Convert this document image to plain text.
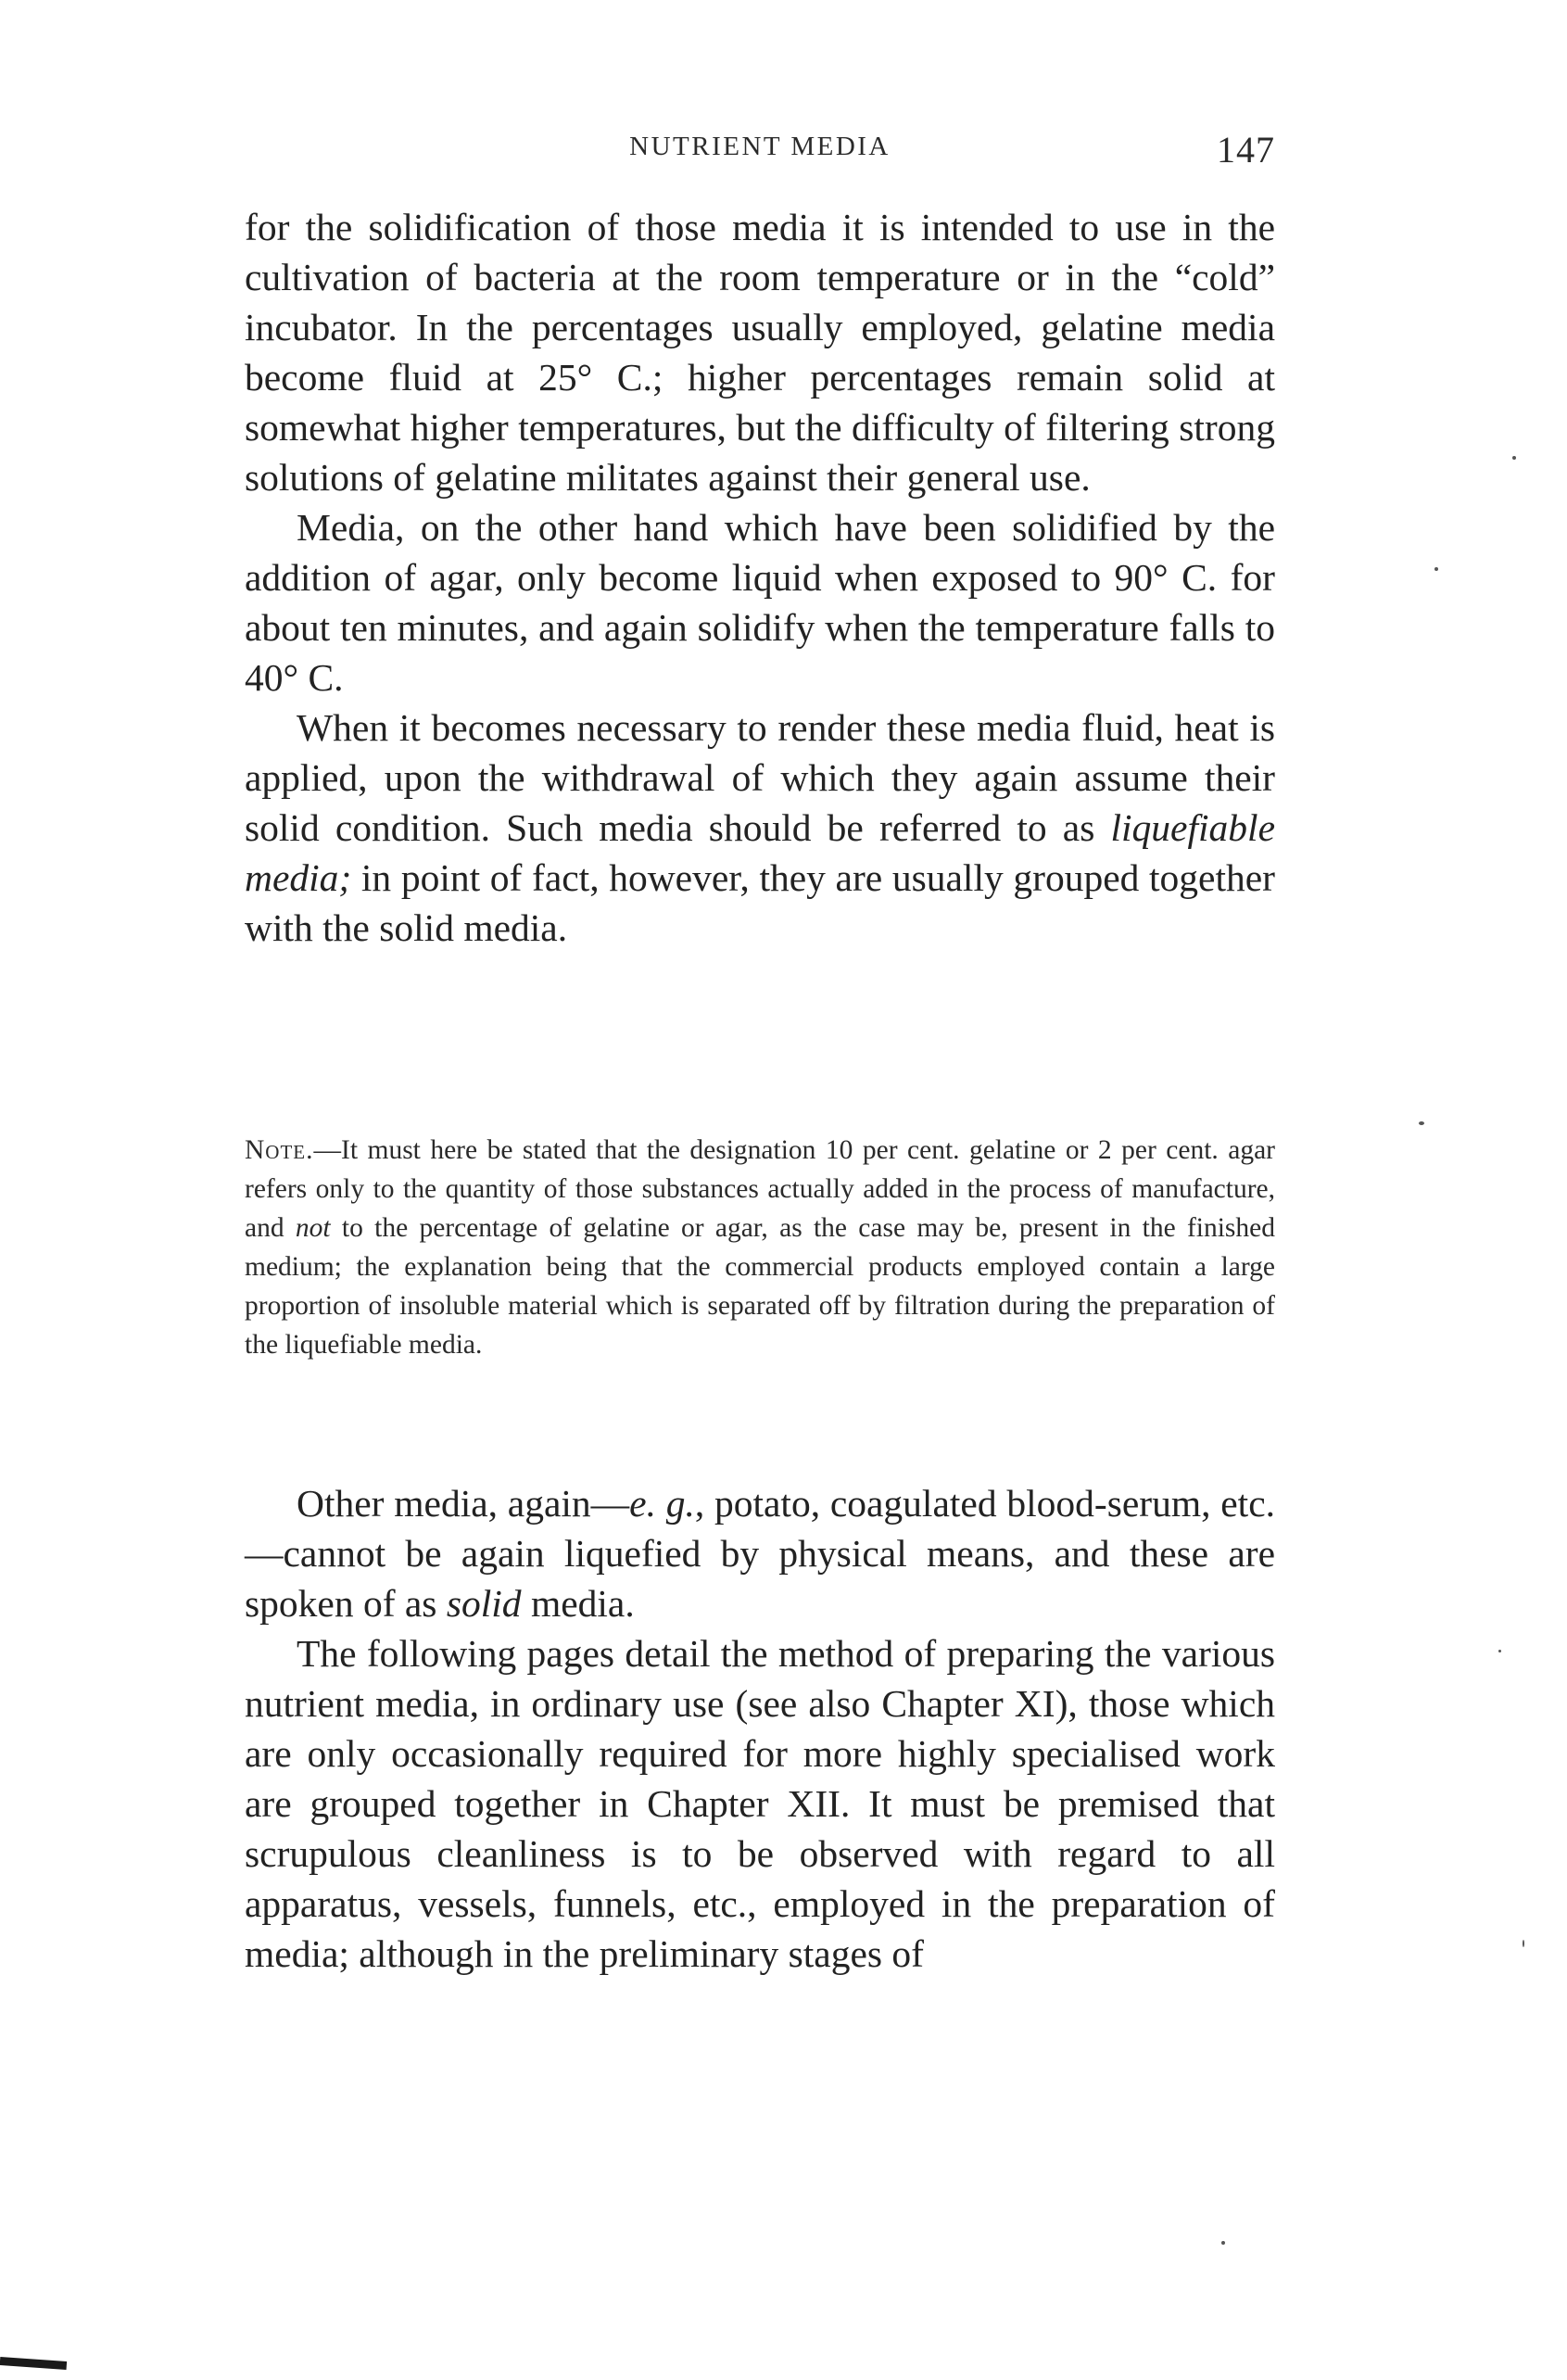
NUTRIENT MEDIA	147

for the solidification of those media it is intended to use in the cultivation of bacteria at the room temperature or in the “cold” incubator. In the percentages usually employed, gelatine media become fluid at 25° C.; higher percentages remain solid at somewhat higher temperatures, but the difficulty of filtering strong solutions of gelatine militates against their general use.

Media, on the other hand which have been solidified by the addition of agar, only become liquid when exposed to 90° C. for about ten minutes, and again solidify when the temperature falls to 40° C.

When it becomes necessary to render these media fluid, heat is applied, upon the withdrawal of which they again assume their solid condition. Such media should be referred to as liquefiable media; in point of fact, however, they are usually grouped together with the solid media.

Note.—It must here be stated that the designation 10 per cent. gelatine or 2 per cent. agar refers only to the quantity of those substances actually added in the process of manufacture, and not to the percentage of gelatine or agar, as the case may be, present in the finished medium; the explanation being that the commercial products employed contain a large proportion of insoluble material which is separated off by filtration during the preparation of the liquefiable media.

Other media, again—e. g., potato, coagulated blood-serum, etc.—cannot be again liquefied by physical means, and these are spoken of as solid media.

The following pages detail the method of preparing the various nutrient media, in ordinary use (see also Chapter XI), those which are only occasionally required for more highly specialised work are grouped together in Chapter XII. It must be premised that scrupulous cleanliness is to be observed with regard to all apparatus, vessels, funnels, etc., employed in the preparation of media; although in the preliminary stages of
